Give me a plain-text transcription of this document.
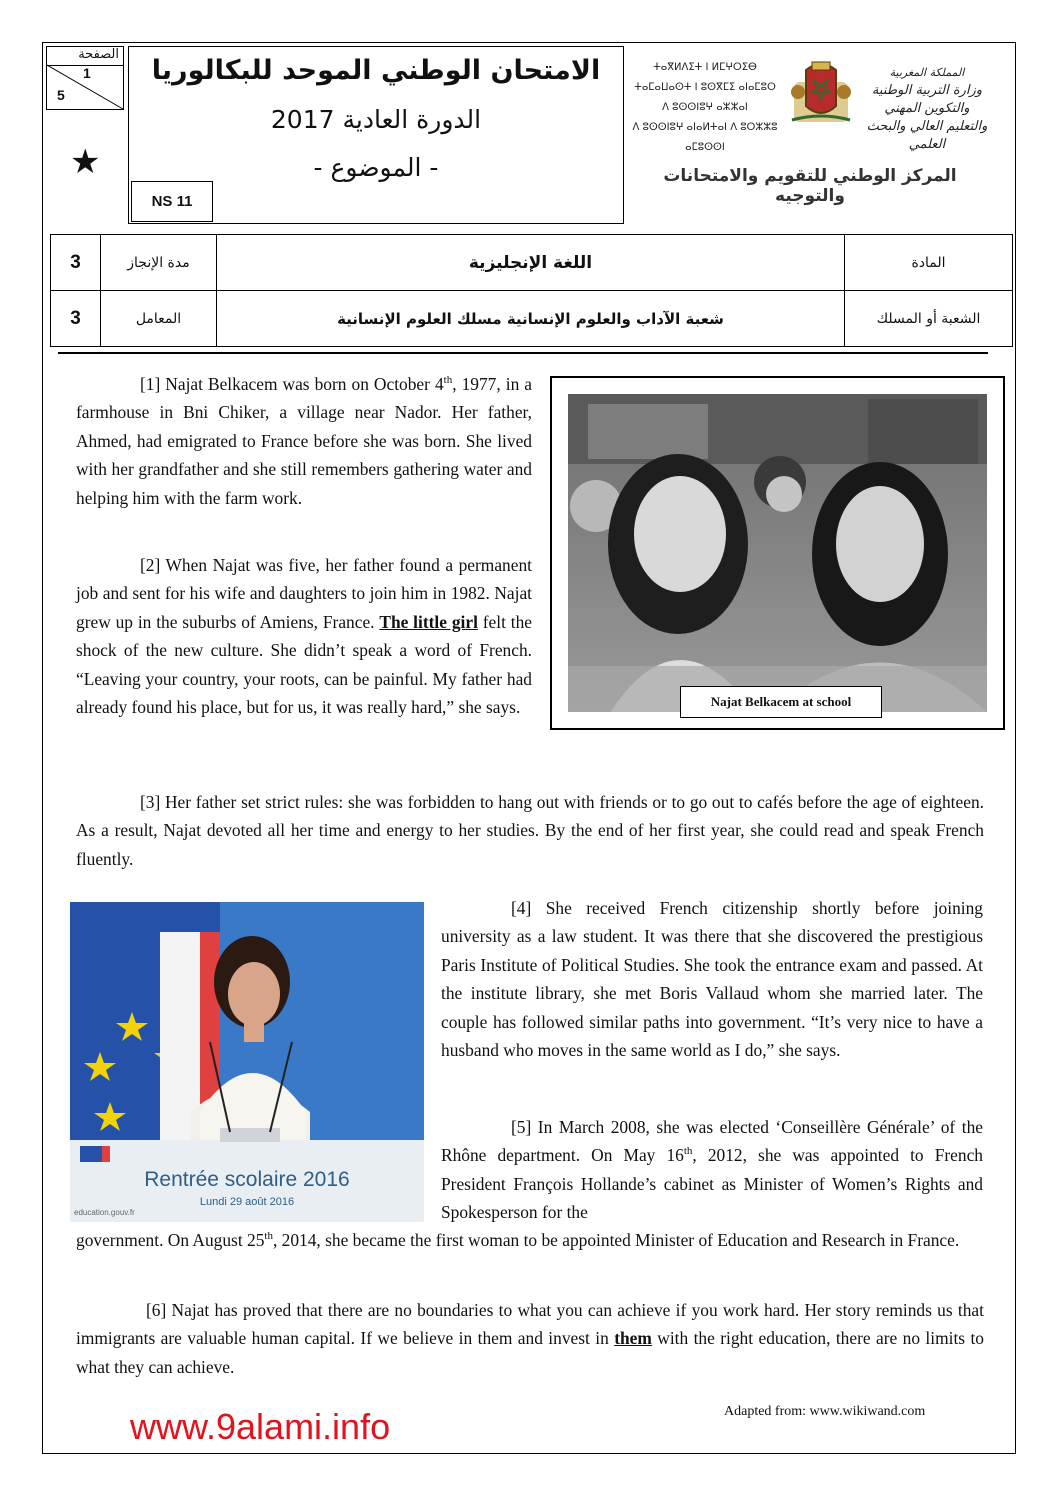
الصفحة
1
5
★
الامتحان الوطني الموحد للبكالوريا
الدورة العادية 2017
- الموضوع -
NS 11
ⵜⴰⴳⵍⴷⵉⵜ ⵏ ⵍⵎⵖⵔⵉⴱ
ⵜⴰⵎⴰⵡⴰⵙⵜ ⵏ ⵓⵙⴳⵎⵉ ⴰⵏⴰⵎⵓⵔ
ⴷ ⵓⵙⵙⵏⵓⵖ ⴰⵣⵣⴰⵏ
ⴷ ⵓⵙⵙⵏⵓⵖ ⴰⵏⴰⵍⵜⴰⵏ ⴷ ⵓⵔⵣⵣⵓ ⴰⵎⵓⵙⵙⵏ
المملكة المغربية
وزارة التربية الوطنية
والتكوين المهني
والتعليم العالي والبحث العلمي
المركز الوطني للتقويم والامتحانات والتوجيه
3	مدة الإنجاز	اللغة الإنجليزية	المادة
3	المعامل	شعبة الآداب والعلوم الإنسانية مسلك العلوم الإنسانية	الشعبة أو المسلك
[1] Najat Belkacem was born on October 4th, 1977, in a farmhouse in Bni Chiker, a village near Nador. Her father, Ahmed, had emigrated to France before she was born. She lived with her grandfather and she still remembers gathering water and helping him with the farm work.
[2] When Najat was five, her father found a permanent job and sent for his wife and daughters to join him in 1982. Najat grew up in the suburbs of Amiens, France. The little girl felt the shock of the new culture. She didn’t speak a word of French. “Leaving your country, your roots, can be painful. My father had already found his place, but for us, it was really hard,” she says.	Najat Belkacem at school
[3] Her father set strict rules: she was forbidden to hang out with friends or to go out to cafés before the age of eighteen. As a result, Najat devoted all her time and energy to her studies. By the end of her first year, she could read and speak French fluently.
Rentrée scolaire 2016
Lundi 29 août 2016
education.gouv.fr
[4] She received French citizenship shortly before joining university as a law student. It was there that she discovered the prestigious Paris Institute of Political Studies. She took the entrance exam and passed. At the institute library, she met Boris Vallaud whom she married later. The couple has followed similar paths into government. “It’s very nice to have a husband who moves in the same world as I do,” she says.
[5] In March 2008, she was elected ‘Conseillère Générale’ of the Rhône department. On May 16th, 2012, she was appointed to French President François Hollande’s cabinet as Minister of Women’s Rights and Spokesperson for the
government. On August 25th, 2014, she became the first woman to be appointed Minister of Education and Research in France.
[6] Najat has proved that there are no boundaries to what you can achieve if you work hard. Her story reminds us that immigrants are valuable human capital. If we believe in them and invest in them with the right education, there are no limits to what they can achieve.
Adapted from: www.wikiwand.com
www.9alami.info
